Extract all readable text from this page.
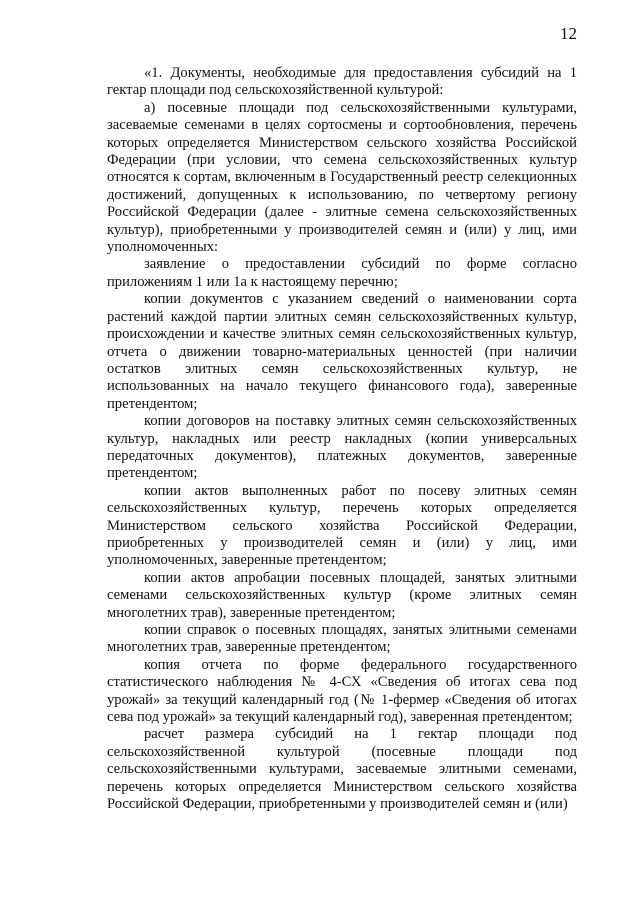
12

«1. Документы, необходимые для предоставления субсидий на 1 гектар площади под сельскохозяйственной культурой:

а) посевные площади под сельскохозяйственными культурами, засеваемые семенами в целях сортосмены и сортообновления, перечень которых определяется Министерством сельского хозяйства Российской Федерации (при условии, что семена сельскохозяйственных культур относятся к сортам, включенным в Государственный реестр селекционных достижений, допущенных к использованию, по четвертому региону Российской Федерации (далее - элитные семена сельскохозяйственных культур), приобретенными у производителей семян и (или) у лиц, ими уполномоченных:

заявление о предоставлении субсидий по форме согласно приложениям 1 или 1а к настоящему перечню;

копии документов с указанием сведений о наименовании сорта растений каждой партии элитных семян сельскохозяйственных культур, происхождении и качестве элитных семян сельскохозяйственных культур, отчета о движении товарно-материальных ценностей (при наличии остатков элитных семян сельскохозяйственных культур, не использованных на начало текущего финансового года), заверенные претендентом;

копии договоров на поставку элитных семян сельскохозяйственных культур, накладных или реестр накладных (копии универсальных передаточных документов), платежных документов, заверенные претендентом;

копии актов выполненных работ по посеву элитных семян сельскохозяйственных культур, перечень которых определяется Министерством сельского хозяйства Российской Федерации, приобретенных у производителей семян и (или) у лиц, ими уполномоченных, заверенные претендентом;

копии актов апробации посевных площадей, занятых элитными семенами сельскохозяйственных культур (кроме элитных семян многолетних трав), заверенные претендентом;

копии справок о посевных площадях, занятых элитными семенами многолетних трав, заверенные претендентом;

копия отчета по форме федерального государственного статистического наблюдения № 4-СХ «Сведения об итогах сева под урожай» за текущий календарный год (№ 1-фермер «Сведения об итогах сева под урожай» за текущий календарный год), заверенная претендентом;

расчет размера субсидий на 1 гектар площади под сельскохозяйственной культурой (посевные площади под сельскохозяйственными культурами, засеваемые элитными семенами, перечень которых определяется Министерством сельского хозяйства Российской Федерации, приобретенными у производителей семян и (или)
